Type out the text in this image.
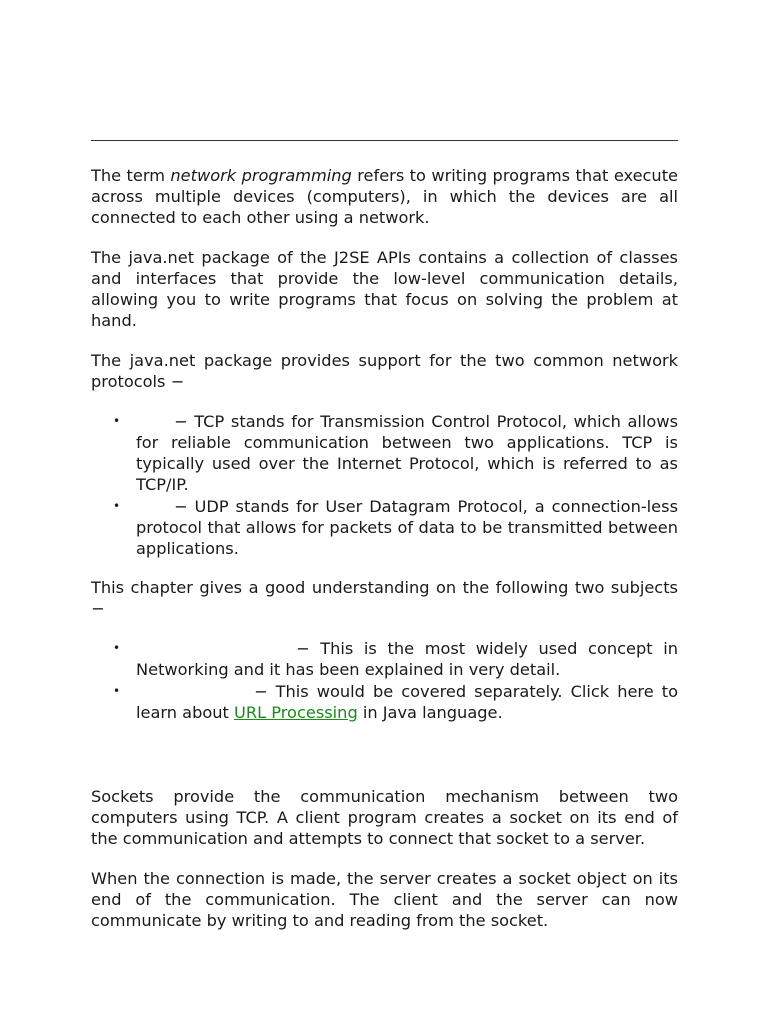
The term network programming refers to writing programs that execute across multiple devices (computers), in which the devices are all connected to each other using a network.

The java.net package of the J2SE APIs contains a collection of classes and interfaces that provide the low-level communication details, allowing you to write programs that focus on solving the problem at hand.

The java.net package provides support for the two common network protocols −

•	− TCP stands for Transmission Control Protocol, which allows for reliable communication between two applications. TCP is typically used over the Internet Protocol, which is referred to as TCP/IP.
•	− UDP stands for User Datagram Protocol, a connection-less protocol that allows for packets of data to be transmitted between applications.

This chapter gives a good understanding on the following two subjects −

•	− This is the most widely used concept in Networking and it has been explained in very detail.
•	− This would be covered separately. Click here to learn about URL Processing in Java language.

Sockets provide the communication mechanism between two computers using TCP. A client program creates a socket on its end of the communication and attempts to connect that socket to a server.

When the connection is made, the server creates a socket object on its end of the communication. The client and the server can now communicate by writing to and reading from the socket.
